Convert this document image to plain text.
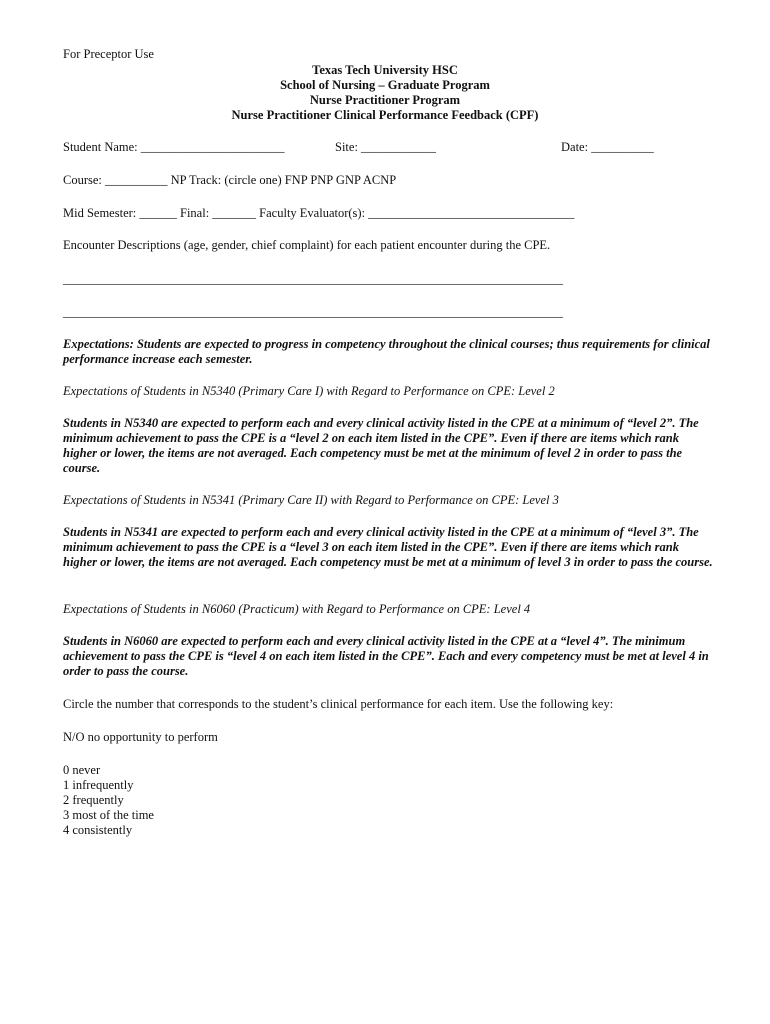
For Preceptor Use
Texas Tech University HSC
School of Nursing – Graduate Program
Nurse Practitioner Program
Nurse Practitioner Clinical Performance Feedback (CPF)
Student Name: _______________________	Site: ____________	Date: __________
Course: __________ NP Track: (circle one) FNP PNP GNP ACNP
Mid Semester: ______ Final: _______ Faculty Evaluator(s): _________________________________
Encounter Descriptions (age, gender, chief complaint) for each patient encounter during the CPE.
________________________________________________________________________________
________________________________________________________________________________
Expectations: Students are expected to progress in competency throughout the clinical courses; thus requirements for clinical performance increase each semester.
Expectations of Students in N5340 (Primary Care I) with Regard to Performance on CPE: Level 2
Students in N5340 are expected to perform each and every clinical activity listed in the CPE at a minimum of “level 2”. The minimum achievement to pass the CPE is a “level 2 on each item listed in the CPE”. Even if there are items which rank higher or lower, the items are not averaged. Each competency must be met at the minimum of level 2 in order to pass the course.
Expectations of Students in N5341 (Primary Care II) with Regard to Performance on CPE: Level 3
Students in N5341 are expected to perform each and every clinical activity listed in the CPE at a minimum of “level 3”. The minimum achievement to pass the CPE is a “level 3 on each item listed in the CPE”. Even if there are items which rank higher or lower, the items are not averaged. Each competency must be met at a minimum of level 3 in order to pass the course.
Expectations of Students in N6060 (Practicum) with Regard to Performance on CPE: Level 4
Students in N6060 are expected to perform each and every clinical activity listed in the CPE at a “level 4”. The minimum achievement to pass the CPE is “level 4 on each item listed in the CPE”. Each and every competency must be met at level 4 in order to pass the course.
Circle the number that corresponds to the student’s clinical performance for each item. Use the following key:
N/O no opportunity to perform
0 never
1 infrequently
2 frequently
3 most of the time
4 consistently
